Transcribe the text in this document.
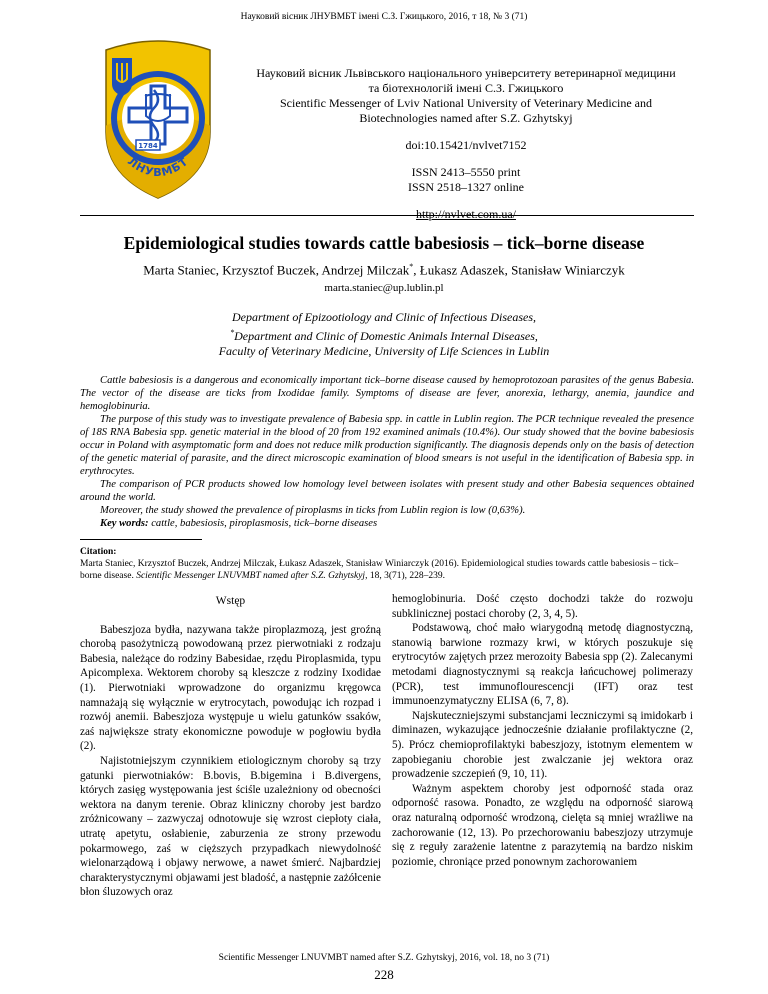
Науковий вісник ЛНУВМБТ імені С.З. Гжицького, 2016, т 18, № 3 (71)
1784
ЛНУВМБТ
Науковий вісник Львівського національного університету ветеринарної медицини
та біотехнологій імені С.З. Гжицького
Scientific Messenger of Lviv National University of Veterinary Medicine and
Biotechnologies named after S.Z. Gzhytskyj
doi:10.15421/nvlvet7152
ISSN 2413–5550 print
ISSN 2518–1327 online
http://nvlvet.com.ua/
Epidemiological studies towards cattle babesiosis – tick–borne disease
Marta Staniec, Krzysztof Buczek, Andrzej Milczak*, Łukasz Adaszek, Stanisław Winiarczyk
marta.staniec@up.lublin.pl
Department of Epizootiology and Clinic of Infectious Diseases,
*Department and Clinic of Domestic Animals Internal Diseases,
Faculty of Veterinary Medicine, University of Life Sciences in Lublin

Cattle babesiosis is a dangerous and economically important tick–borne disease caused by hemoprotozoan parasites of the genus Babesia. The vector of the disease are ticks from Ixodidae family. Symptoms of disease are fever, anorexia, lethargy, anemia, jaundice and hemoglobinuria.

The purpose of this study was to investigate prevalence of Babesia spp. in cattle in Lublin region. The PCR technique revealed the presence of 18S RNA Babesia spp. genetic material in the blood of 20 from 192 examined animals (10.4%). Our study showed that the bovine babesiosis occur in Poland with asymptomatic form and does not reduce milk production significantly. The diagnosis depends only on the basis of detection of the genetic material of parasite, and the direct microscopic examination of blood smears is not useful in the identification of Babesia spp. in erythrocytes.

The comparison of PCR products showed low homology level between isolates with present study and other Babesia sequences obtained around the world.

Moreover, the study showed the prevalence of piroplasms in ticks from Lublin region is low (0,63%).

Key words: cattle, babesiosis, piroplasmosis, tick–borne diseases

Citation:
Marta Staniec, Krzysztof Buczek, Andrzej Milczak, Łukasz Adaszek, Stanisław Winiarczyk (2016). Epidemiological studies towards cattle babesiosis – tick–borne disease. Scientific Messenger LNUVMBT named after S.Z. Gzhytskyj, 18, 3(71), 228–239.
Wstęp

Babeszjoza bydła, nazywana także piroplazmozą, jest groźną chorobą pasożytniczą powodowaną przez pierwotniaki z rodzaju Babesia, należące do rodziny Babesidae, rzędu Piroplasmida, typu Apicomplexa. Wektorem choroby są kleszcze z rodziny Ixodidae (1). Pierwotniaki wprowadzone do organizmu kręgowca namnażają się wyłącznie w erytrocytach, powodując ich rozpad i rozwój anemii. Babeszjoza występuje u wielu gatunków ssaków, zaś największe straty ekonomiczne powoduje w pogłowiu bydła (2).

Najistotniejszym czynnikiem etiologicznym choroby są trzy gatunki pierwotniaków: B.bovis, B.bigemina i B.divergens, których zasięg występowania jest ściśle uzależniony od obecności wektora na danym terenie. Obraz kliniczny choroby jest bardzo zróżnicowany – zazwyczaj odnotowuje się wzrost ciepłoty ciała, utratę apetytu, osłabienie, zaburzenia ze strony przewodu pokarmowego, zaś w cięższych przypadkach niewydolność wielonarządową i objawy nerwowe, a nawet śmierć. Najbardziej charakterystycznymi objawami jest bladość, a następnie zażółcenie błon śluzowych oraz

hemoglobinuria. Dość często dochodzi także do rozwoju subklinicznej postaci choroby (2, 3, 4, 5).

Podstawową, choć mało wiarygodną metodę diagnostyczną, stanowią barwione rozmazy krwi, w których poszukuje się erytrocytów zajętych przez merozoity Babesia spp (2). Zalecanymi metodami diagnostycznymi są reakcja łańcuchowej polimerazy (PCR), test immunoflourescencji (IFT) oraz test immunoenzymatyczny ELISA (6, 7, 8).

Najskuteczniejszymi substancjami leczniczymi są imidokarb i diminazen, wykazujące jednocześnie działanie profilaktyczne (2, 5). Prócz chemioprofilaktyki babeszjozy, istotnym elementem w zapobieganiu chorobie jest zwalczanie jej wektora oraz prowadzenie szczepień (9, 10, 11).

Ważnym aspektem choroby jest odporność stada oraz odporność rasowa. Ponadto, ze względu na odporność siarową oraz naturalną odporność wrodzoną, cielęta są mniej wrażliwe na zachorowanie (12, 13). Po przechorowaniu babeszjozy utrzymuje się z reguły zarażenie latentne z parazytemią na bardzo niskim poziomie, chroniące przed ponownym zachorowaniem

Scientific Messenger LNUVMBT named after S.Z. Gzhytskyj, 2016, vol. 18, no 3 (71)
228
